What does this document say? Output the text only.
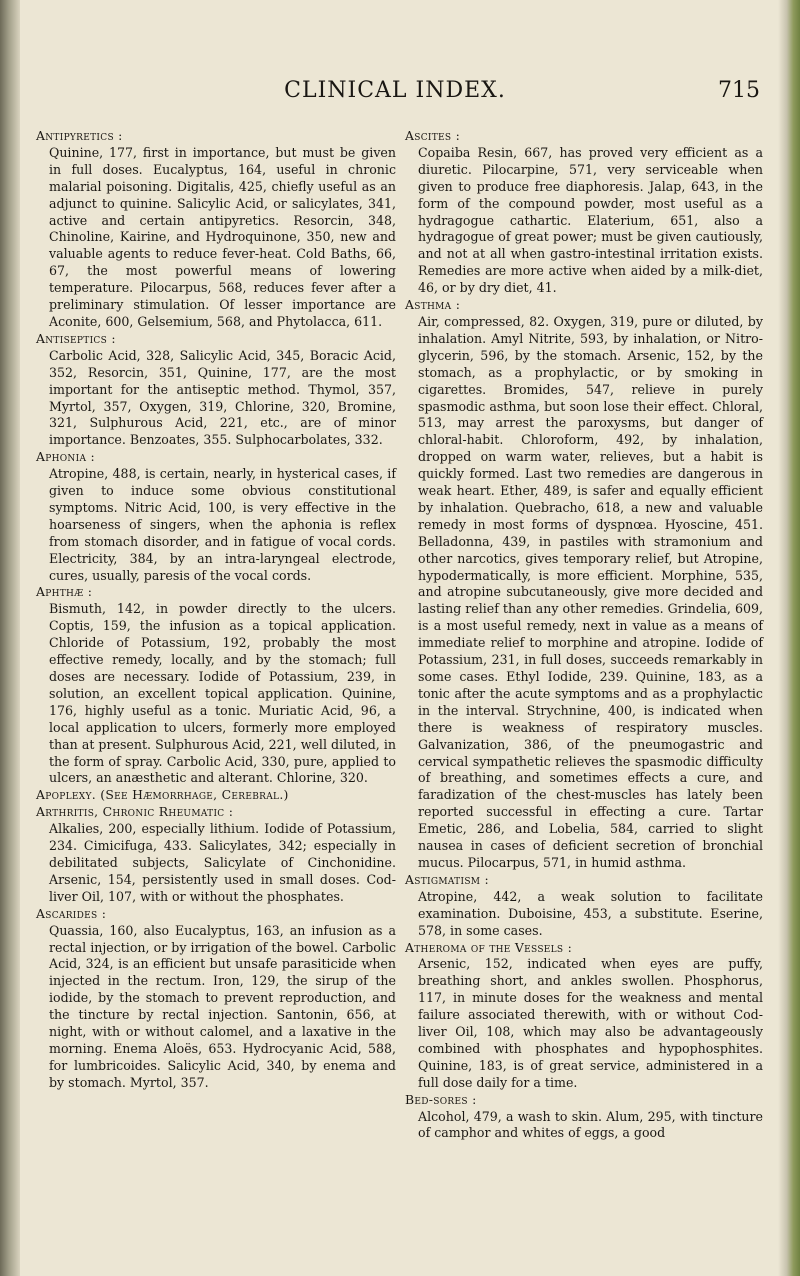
CLINICAL INDEX.	715

Antipyretics :

Quinine, 177, first in importance, but must be given in full doses. Eucalyptus, 164, useful in chronic malarial poisoning. Digitalis, 425, chiefly useful as an adjunct to quinine. Salicylic Acid, or salicylates, 341, active and certain antipyretics. Resorcin, 348, Chinoline, Kairine, and Hydroquinone, 350, new and valuable agents to reduce fever-heat. Cold Baths, 66, 67, the most powerful means of lowering temperature. Pilocarpus, 568, reduces fever after a preliminary stimulation. Of lesser importance are Aconite, 600, Gelsemium, 568, and Phytolacca, 611.

Antiseptics :

Carbolic Acid, 328, Salicylic Acid, 345, Boracic Acid, 352, Resorcin, 351, Quinine, 177, are the most important for the antiseptic method. Thymol, 357, Myrtol, 357, Oxygen, 319, Chlorine, 320, Bromine, 321, Sulphurous Acid, 221, etc., are of minor importance. Benzoates, 355. Sulphocarbolates, 332.

Aphonia :

Atropine, 488, is certain, nearly, in hysterical cases, if given to induce some obvious constitutional symptoms. Nitric Acid, 100, is very effective in the hoarseness of singers, when the aphonia is reflex from stomach disorder, and in fatigue of vocal cords. Electricity, 384, by an intra-laryngeal electrode, cures, usually, paresis of the vocal cords.

Aphthæ :

Bismuth, 142, in powder directly to the ulcers. Coptis, 159, the infusion as a topical application. Chloride of Potassium, 192, probably the most effective remedy, locally, and by the stomach; full doses are necessary. Iodide of Potassium, 239, in solution, an excellent topical application. Quinine, 176, highly useful as a tonic. Muriatic Acid, 96, a local application to ulcers, formerly more employed than at present. Sulphurous Acid, 221, well diluted, in the form of spray. Carbolic Acid, 330, pure, applied to ulcers, an anæsthetic and alterant. Chlorine, 320.

Apoplexy. (See Hæmorrhage, Cerebral.)

Arthritis, Chronic Rheumatic :

Alkalies, 200, especially lithium. Iodide of Potassium, 234. Cimicifuga, 433. Salicylates, 342; especially in debilitated subjects, Salicylate of Cinchonidine. Arsenic, 154, persistently used in small doses. Cod-liver Oil, 107, with or without the phosphates.

Ascarides :

Quassia, 160, also Eucalyptus, 163, an infusion as a rectal injection, or by irrigation of the bowel. Carbolic Acid, 324, is an efficient but unsafe parasiticide when injected in the rectum. Iron, 129, the sirup of the iodide, by the stomach to prevent reproduction, and the tincture by rectal injection. Santonin, 656, at night, with or without calomel, and a laxative in the morning. Enema Aloës, 653. Hydrocyanic Acid, 588, for lumbricoides. Salicylic Acid, 340, by enema and by stomach. Myrtol, 357.

Ascites :

Copaiba Resin, 667, has proved very efficient as a diuretic. Pilocarpine, 571, very serviceable when given to produce free diaphoresis. Jalap, 643, in the form of the compound powder, most useful as a hydragogue cathartic. Elaterium, 651, also a hydragogue of great power; must be given cautiously, and not at all when gastro-intestinal irritation exists. Remedies are more active when aided by a milk-diet, 46, or by dry diet, 41.

Asthma :

Air, compressed, 82. Oxygen, 319, pure or diluted, by inhalation. Amyl Nitrite, 593, by inhalation, or Nitro-glycerin, 596, by the stomach. Arsenic, 152, by the stomach, as a prophylactic, or by smoking in cigarettes. Bromides, 547, relieve in purely spasmodic asthma, but soon lose their effect. Chloral, 513, may arrest the paroxysms, but danger of chloral-habit. Chloroform, 492, by inhalation, dropped on warm water, relieves, but a habit is quickly formed. Last two remedies are dangerous in weak heart. Ether, 489, is safer and equally efficient by inhalation. Quebracho, 618, a new and valuable remedy in most forms of dyspnœa. Hyoscine, 451. Belladonna, 439, in pastiles with stramonium and other narcotics, gives temporary relief, but Atropine, hypodermatically, is more efficient. Morphine, 535, and atropine subcutaneously, give more decided and lasting relief than any other remedies. Grindelia, 609, is a most useful remedy, next in value as a means of immediate relief to morphine and atropine. Iodide of Potassium, 231, in full doses, succeeds remarkably in some cases. Ethyl Iodide, 239. Quinine, 183, as a tonic after the acute symptoms and as a prophylactic in the interval. Strychnine, 400, is indicated when there is weakness of respiratory muscles. Galvanization, 386, of the pneumogastric and cervical sympathetic relieves the spasmodic difficulty of breathing, and sometimes effects a cure, and faradization of the chest-muscles has lately been reported successful in effecting a cure. Tartar Emetic, 286, and Lobelia, 584, carried to slight nausea in cases of deficient secretion of bronchial mucus. Pilocarpus, 571, in humid asthma.

Astigmatism :

Atropine, 442, a weak solution to facilitate examination. Duboisine, 453, a substitute. Eserine, 578, in some cases.

Atheroma of the Vessels :

Arsenic, 152, indicated when eyes are puffy, breathing short, and ankles swollen. Phosphorus, 117, in minute doses for the weakness and mental failure associated therewith, with or without Cod-liver Oil, 108, which may also be advantageously combined with phosphates and hypophosphites. Quinine, 183, is of great service, administered in a full dose daily for a time.

Bed-sores :

Alcohol, 479, a wash to skin. Alum, 295, with tincture of camphor and whites of eggs, a good
